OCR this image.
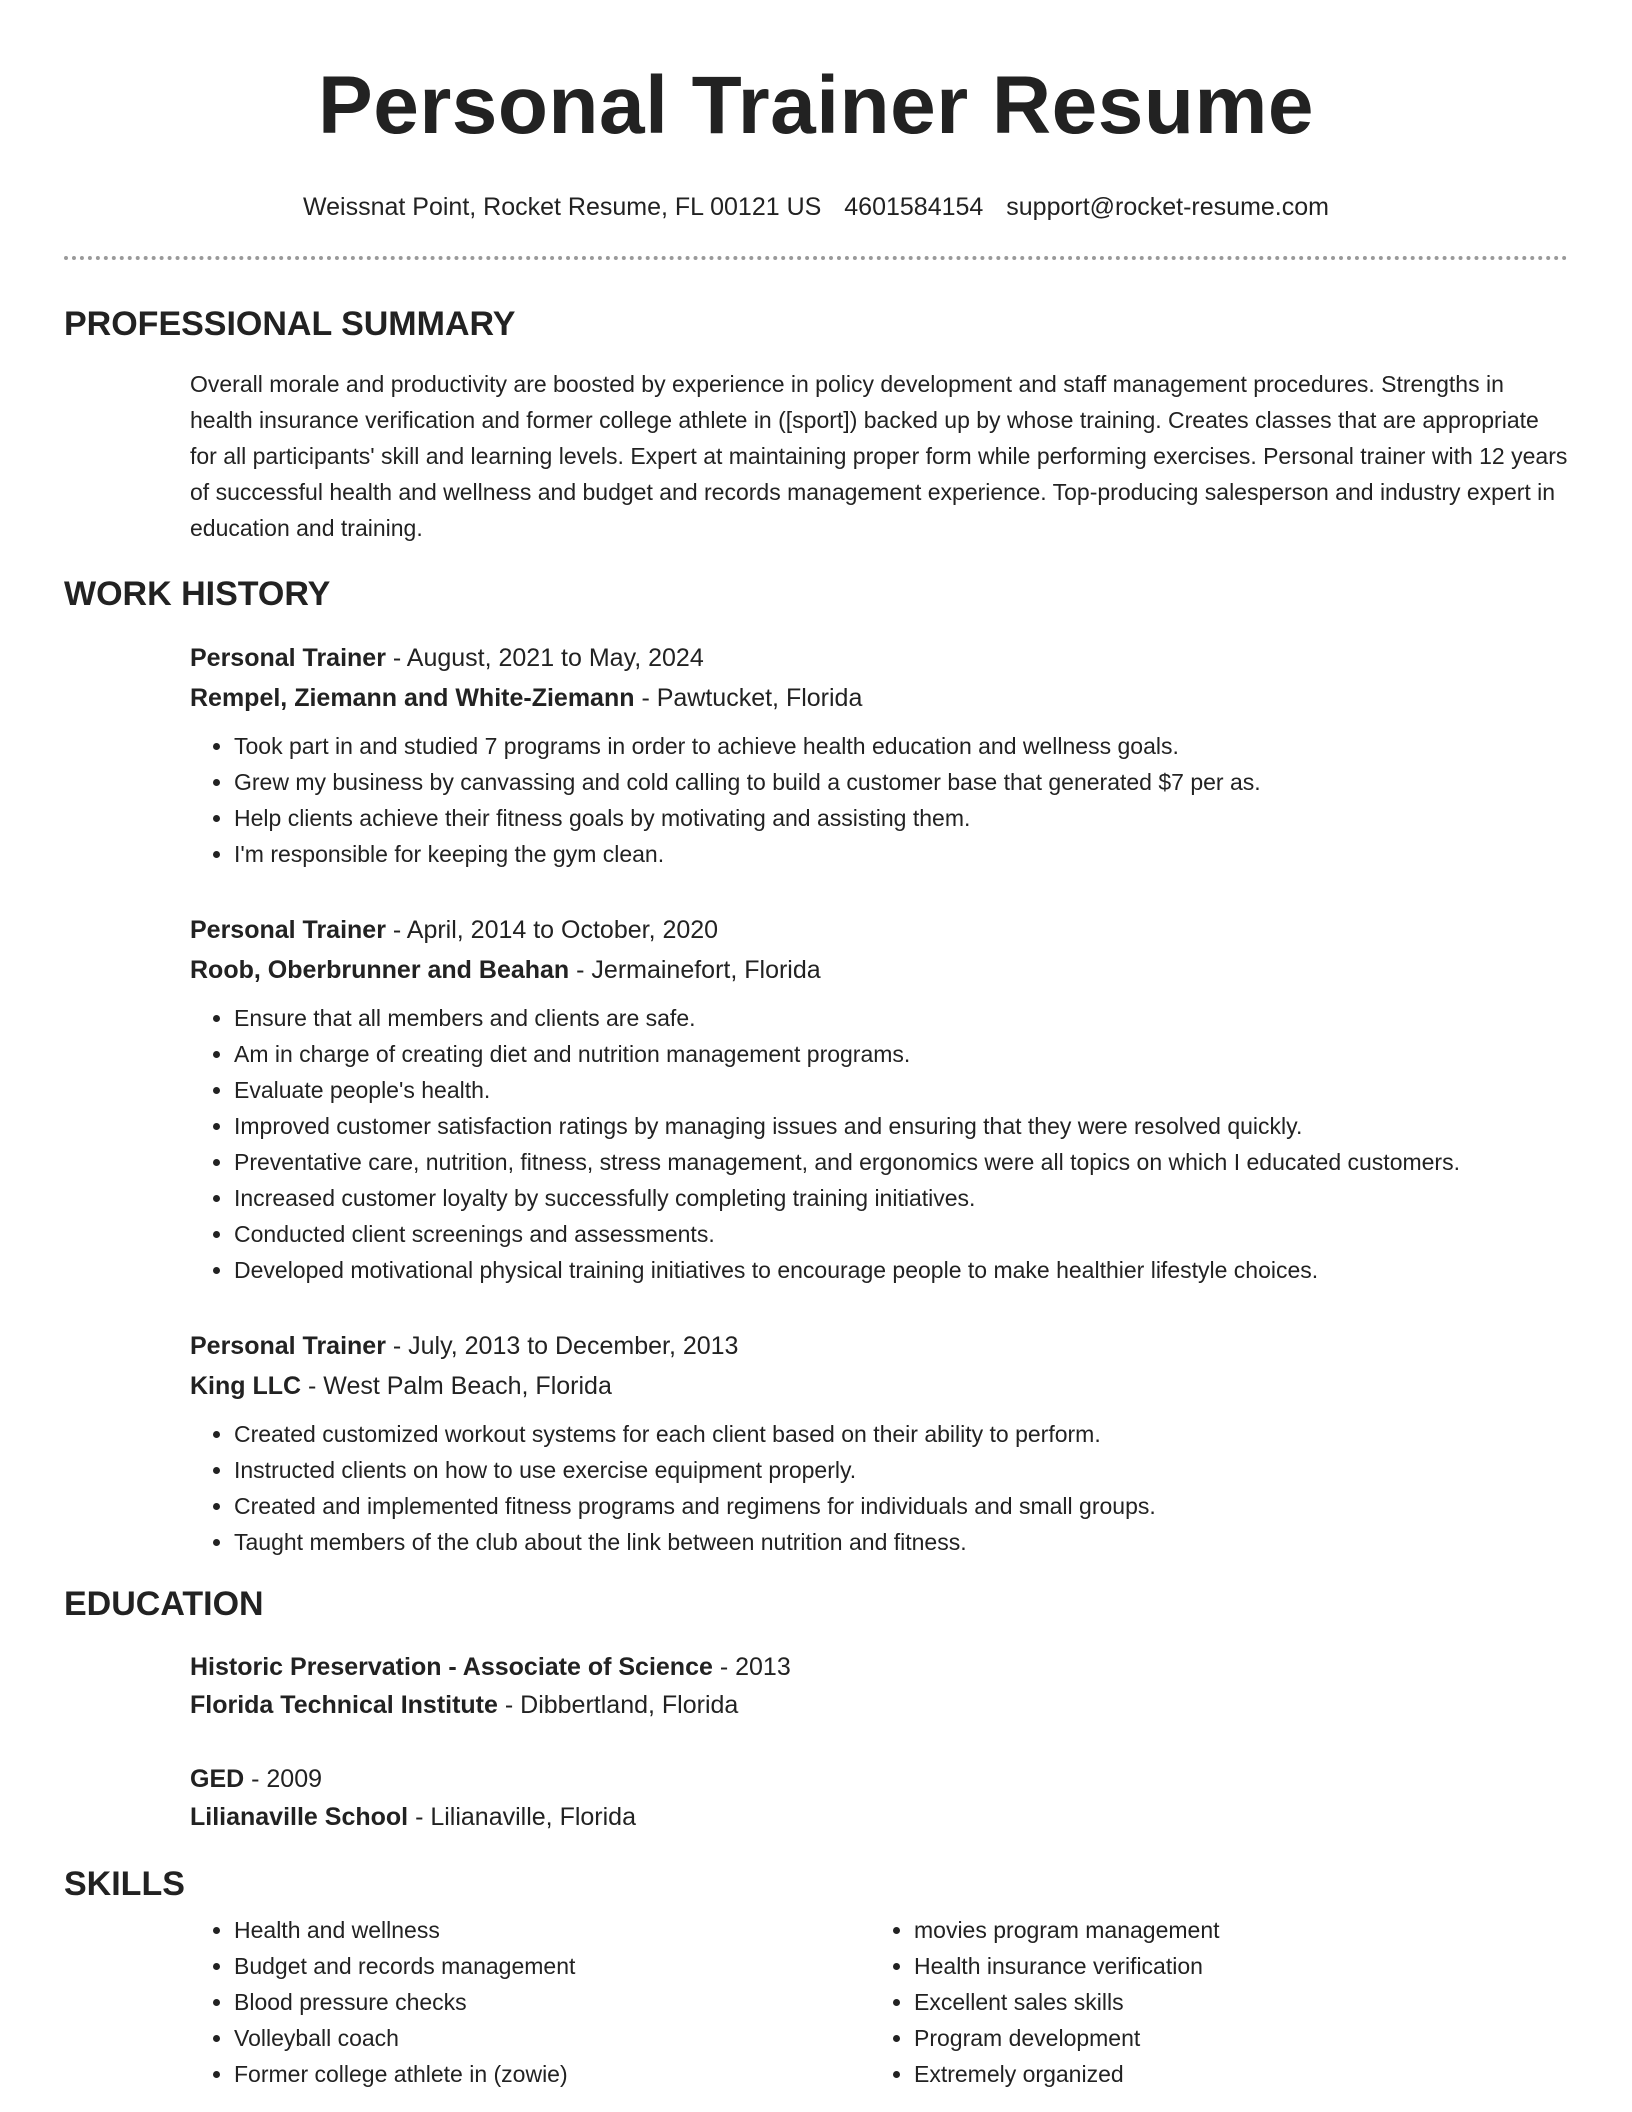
Personal Trainer Resume
Weissnat Point, Rocket Resume, FL 00121 US 4601584154 support@rocket-resume.com
PROFESSIONAL SUMMARY
Overall morale and productivity are boosted by experience in policy development and staff management procedures. Strengths in health insurance verification and former college athlete in ([sport]) backed up by whose training. Creates classes that are appropriate for all participants' skill and learning levels. Expert at maintaining proper form while performing exercises. Personal trainer with 12 years of successful health and wellness and budget and records management experience. Top-producing salesperson and industry expert in education and training.
WORK HISTORY
Personal Trainer - August, 2021 to May, 2024
Rempel, Ziemann and White-Ziemann - Pawtucket, Florida
• Took part in and studied 7 programs in order to achieve health education and wellness goals.
• Grew my business by canvassing and cold calling to build a customer base that generated $7 per as.
• Help clients achieve their fitness goals by motivating and assisting them.
• I'm responsible for keeping the gym clean.
Personal Trainer - April, 2014 to October, 2020
Roob, Oberbrunner and Beahan - Jermainefort, Florida
• Ensure that all members and clients are safe.
• Am in charge of creating diet and nutrition management programs.
• Evaluate people's health.
• Improved customer satisfaction ratings by managing issues and ensuring that they were resolved quickly.
• Preventative care, nutrition, fitness, stress management, and ergonomics were all topics on which I educated customers.
• Increased customer loyalty by successfully completing training initiatives.
• Conducted client screenings and assessments.
• Developed motivational physical training initiatives to encourage people to make healthier lifestyle choices.
Personal Trainer - July, 2013 to December, 2013
King LLC - West Palm Beach, Florida
• Created customized workout systems for each client based on their ability to perform.
• Instructed clients on how to use exercise equipment properly.
• Created and implemented fitness programs and regimens for individuals and small groups.
• Taught members of the club about the link between nutrition and fitness.
EDUCATION
Historic Preservation - Associate of Science - 2013
Florida Technical Institute - Dibbertland, Florida
GED - 2009
Lilianaville School - Lilianaville, Florida
SKILLS
• Health and wellness
• Budget and records management
• Blood pressure checks
• Volleyball coach
• Former college athlete in (zowie)
• movies program management
• Health insurance verification
• Excellent sales skills
• Program development
• Extremely organized
